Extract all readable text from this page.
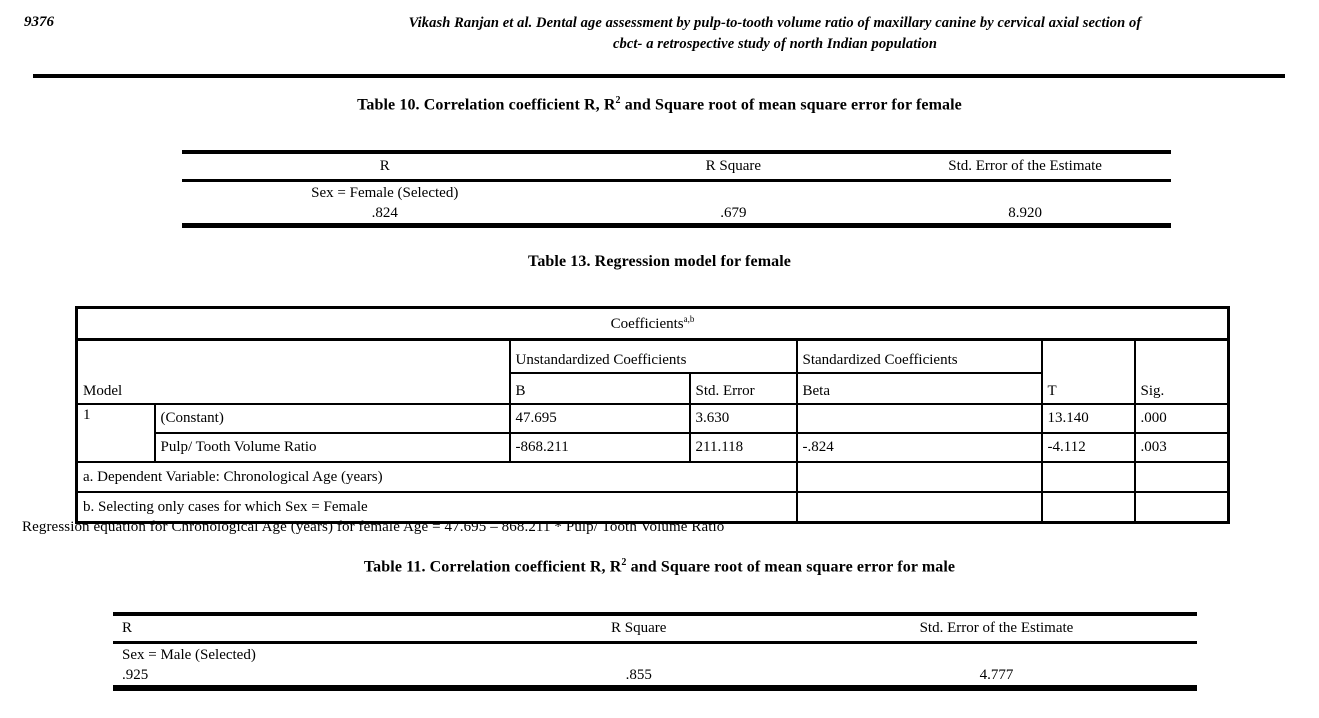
9376	Vikash Ranjan et al. Dental age assessment by pulp-to-tooth volume ratio of maxillary canine by cervical axial section of
cbct- a retrospective study of north Indian population
Table 10. Correlation coefficient R, $R^2$ and Square root of mean square error for female
R	R Square	Std. Error of the Estimate
Sex = Female (Selected)		
.824	.679	8.920
Table 13. Regression model for female
Coefficients$^{a,b}$
Model		Unstandardized Coefficients		Standardized Coefficients	T	Sig.
		B	Std. Error	Beta		
1	(Constant)	47.695	3.630		13.140	.000
	Pulp/ Tooth Volume Ratio	-868.211	211.118	-.824	-4.112	.003
a. Dependent Variable: Chronological Age (years)						
b. Selecting only cases for which Sex = Female						
Regression equation for Chronological Age (years) for female Age = 47.695 – 868.211 * Pulp/ Tooth Volume Ratio
Table 11. Correlation coefficient R, $R^2$ and Square root of mean square error for male
R	R Square	Std. Error of the Estimate
Sex = Male (Selected)		
.925	.855	4.777
